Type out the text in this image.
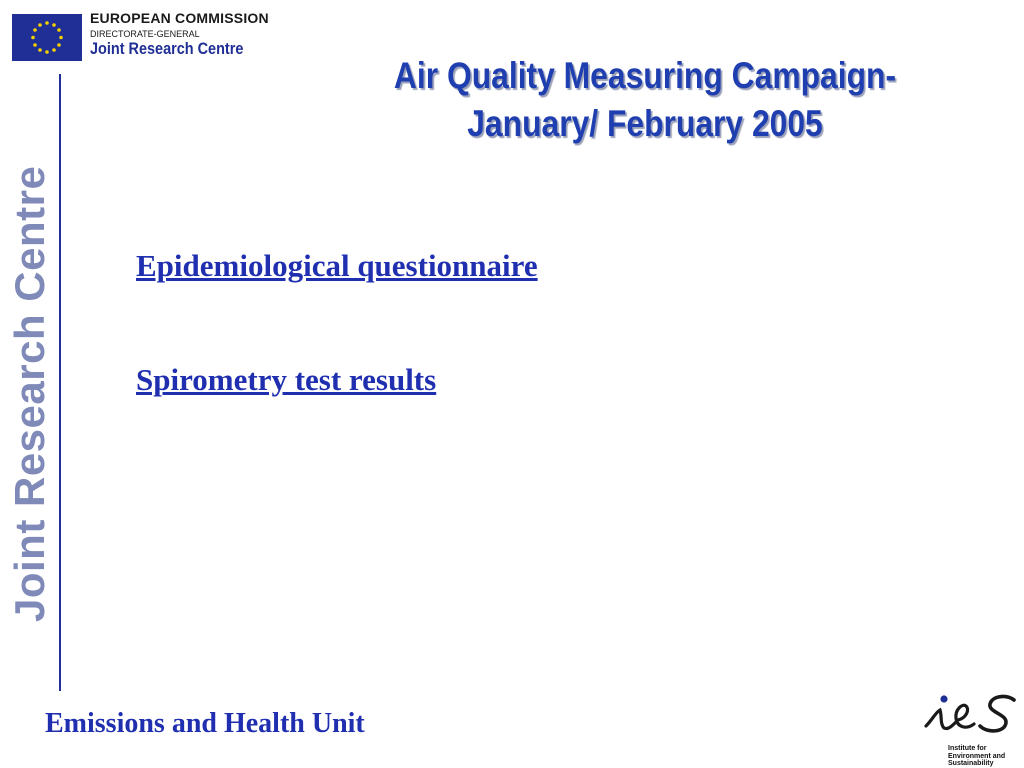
EUROPEAN COMMISSION
DIRECTORATE-GENERAL
Joint Research Centre
Joint Research Centre
Air Quality Measuring Campaign-
January/ February 2005
Epidemiological questionnaire
Spirometry test results
Emissions and Health Unit
Institute for
Environment and
Sustainability
